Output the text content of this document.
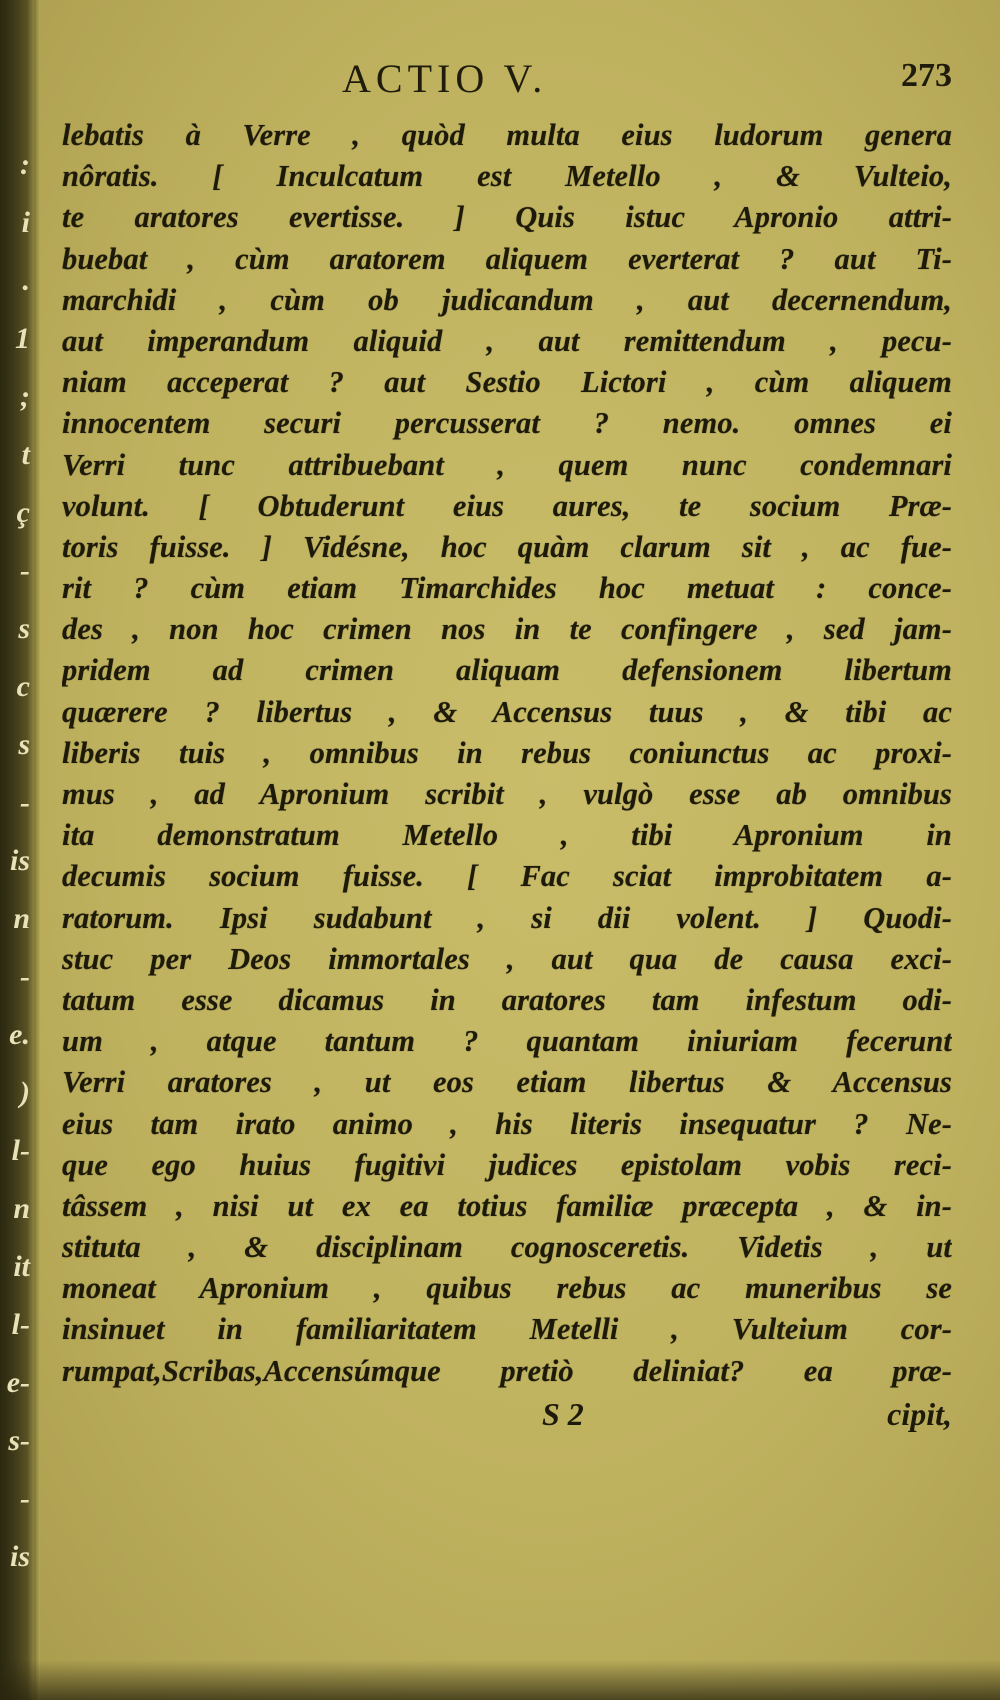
:
i
.
1
;
t
ç
-
s
c
s
-
is
n
-
e.
)
l-
n
it
l-
e-
s-
-
is
ACTIO V.	273
lebatis à Verre , quòd multa eius ludorum genera
nôratis. [ Inculcatum est Metello , & Vulteio,
te aratores evertisse. ] Quis istuc Apronio attri-
buebat , cùm aratorem aliquem everterat ? aut Ti-
marchidi , cùm ob judicandum , aut decernendum,
aut imperandum aliquid , aut remittendum , pecu-
niam acceperat ? aut Sestio Lictori , cùm aliquem
innocentem securi percusserat ? nemo. omnes ei
Verri tunc attribuebant , quem nunc condemnari
volunt. [ Obtuderunt eius aures, te socium Præ-
toris fuisse. ] Vidésne, hoc quàm clarum sit , ac fue-
rit ? cùm etiam Timarchides hoc metuat : conce-
des , non hoc crimen nos in te confingere , sed jam-
pridem ad crimen aliquam defensionem libertum
quærere ? libertus , & Accensus tuus , & tibi ac
liberis tuis , omnibus in rebus coniunctus ac proxi-
mus , ad Apronium scribit , vulgò esse ab omnibus
ita demonstratum Metello , tibi Apronium in
decumis socium fuisse. [ Fac sciat improbitatem a-
ratorum. Ipsi sudabunt , si dii volent. ] Quodi-
stuc per Deos immortales , aut qua de causa exci-
tatum esse dicamus in aratores tam infestum odi-
um , atque tantum ? quantam iniuriam fecerunt
Verri aratores , ut eos etiam libertus & Accensus
eius tam irato animo , his literis insequatur ? Ne-
que ego huius fugitivi judices epistolam vobis reci-
tâssem , nisi ut ex ea totius familiæ præcepta , & in-
stituta , & disciplinam cognosceretis. Videtis , ut
moneat Apronium , quibus rebus ac muneribus se
insinuet in familiaritatem Metelli , Vulteium cor-
rumpat,Scribas,Accensúmque pretiò deliniat? ea præ-
S 2	cipit,
